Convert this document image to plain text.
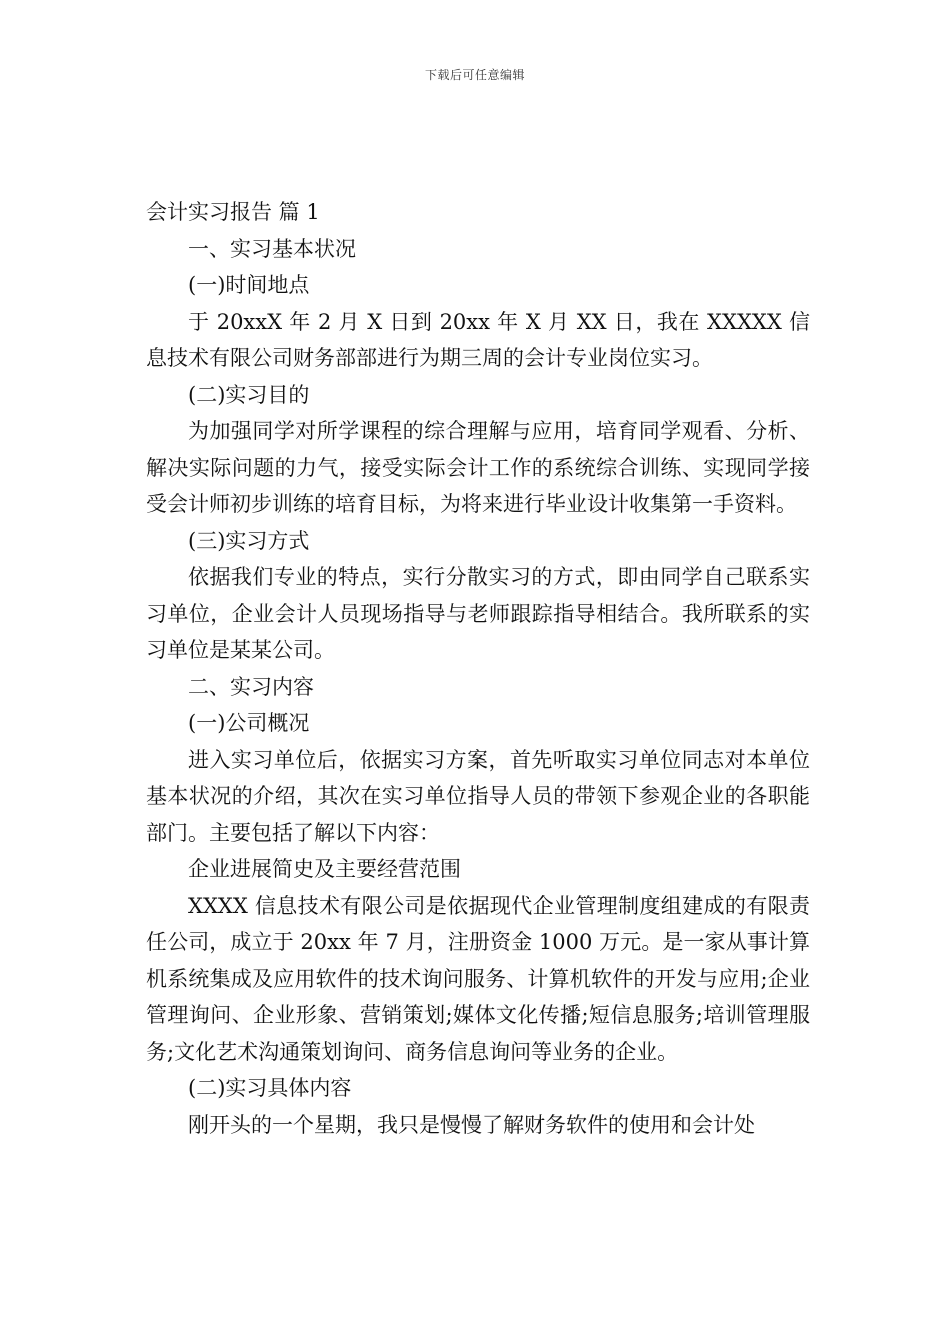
下载后可任意编辑

会计实习报告 篇 1

一、实习基本状况

(一)时间地点

于 20xxX 年 2 月 X 日到 20xx 年 X 月 XX 日，我在 XXXXX 信息技术有限公司财务部部进行为期三周的会计专业岗位实习。

(二)实习目的

为加强同学对所学课程的综合理解与应用，培育同学观看、分析、解决实际问题的力气，接受实际会计工作的系统综合训练、实现同学接受会计师初步训练的培育目标，为将来进行毕业设计收集第一手资料。

(三)实习方式

依据我们专业的特点，实行分散实习的方式，即由同学自己联系实习单位，企业会计人员现场指导与老师跟踪指导相结合。我所联系的实习单位是某某公司。

二、实习内容

(一)公司概况

进入实习单位后，依据实习方案，首先听取实习单位同志对本单位基本状况的介绍，其次在实习单位指导人员的带领下参观企业的各职能部门。主要包括了解以下内容：

企业进展简史及主要经营范围

XXXX 信息技术有限公司是依据现代企业管理制度组建成的有限责任公司，成立于 20xx 年 7 月，注册资金 1000 万元。是一家从事计算机系统集成及应用软件的技术询问服务、计算机软件的开发与应用;企业管理询问、企业形象、营销策划;媒体文化传播;短信息服务;培训管理服务;文化艺术沟通策划询问、商务信息询问等业务的企业。

(二)实习具体内容

刚开头的一个星期，我只是慢慢了解财务软件的使用和会计处
